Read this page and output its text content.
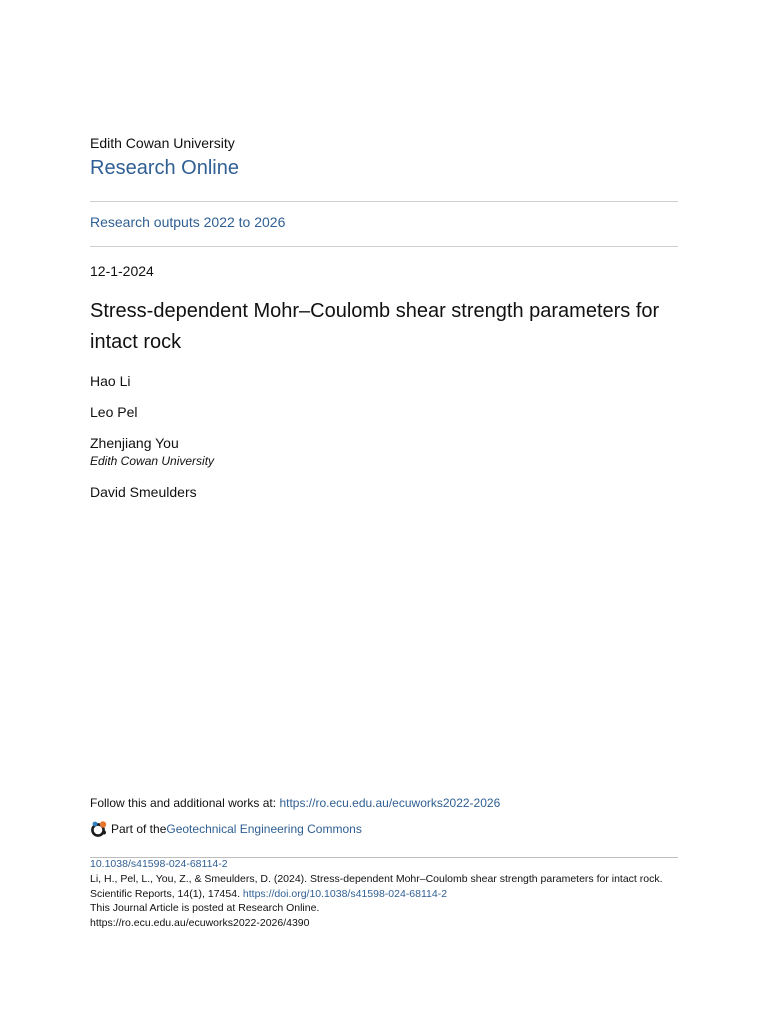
Edith Cowan University
Research Online
Research outputs 2022 to 2026
12-1-2024
Stress-dependent Mohr–Coulomb shear strength parameters for intact rock
Hao Li
Leo Pel
Zhenjiang You
Edith Cowan University
David Smeulders
Follow this and additional works at: https://ro.ecu.edu.au/ecuworks2022-2026
Part of the Geotechnical Engineering Commons
10.1038/s41598-024-68114-2
Li, H., Pel, L., You, Z., & Smeulders, D. (2024). Stress-dependent Mohr–Coulomb shear strength parameters for intact rock. Scientific Reports, 14(1), 17454. https://doi.org/10.1038/s41598-024-68114-2
This Journal Article is posted at Research Online.
https://ro.ecu.edu.au/ecuworks2022-2026/4390
